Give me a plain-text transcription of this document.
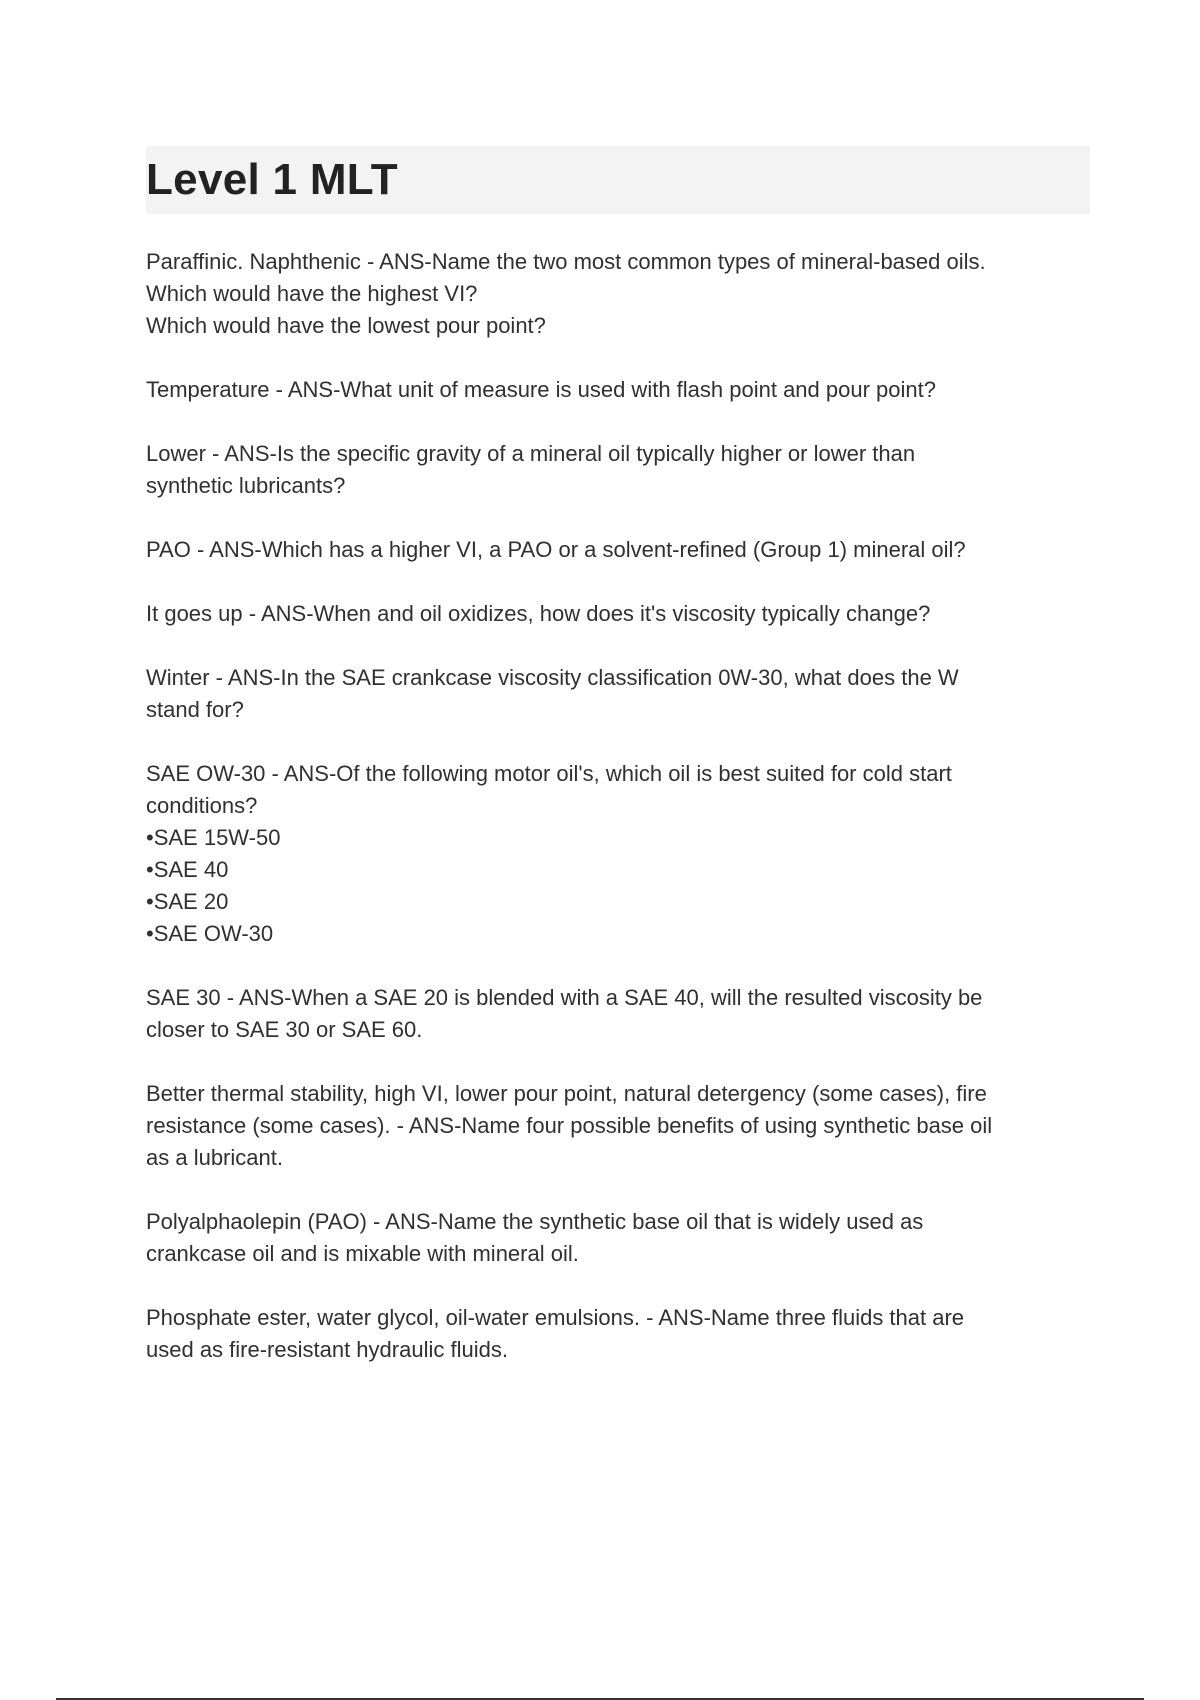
Level 1 MLT

Paraffinic. Naphthenic - ANS-Name the two most common types of mineral-based oils.
Which would have the highest VI?
Which would have the lowest pour point?

Temperature - ANS-What unit of measure is used with flash point and pour point?

Lower - ANS-Is the specific gravity of a mineral oil typically higher or lower than
synthetic lubricants?

PAO - ANS-Which has a higher VI, a PAO or a solvent-refined (Group 1) mineral oil?

It goes up - ANS-When and oil oxidizes, how does it's viscosity typically change?

Winter - ANS-In the SAE crankcase viscosity classification 0W-30, what does the W
stand for?

SAE OW-30 - ANS-Of the following motor oil's, which oil is best suited for cold start
conditions?
•SAE 15W-50
•SAE 40
•SAE 20
•SAE OW-30

SAE 30 - ANS-When a SAE 20 is blended with a SAE 40, will the resulted viscosity be
closer to SAE 30 or SAE 60.

Better thermal stability, high VI, lower pour point, natural detergency (some cases), fire
resistance (some cases). - ANS-Name four possible benefits of using synthetic base oil
as a lubricant.

Polyalphaolepin (PAO) - ANS-Name the synthetic base oil that is widely used as
crankcase oil and is mixable with mineral oil.

Phosphate ester, water glycol, oil-water emulsions. - ANS-Name three fluids that are
used as fire-resistant hydraulic fluids.
